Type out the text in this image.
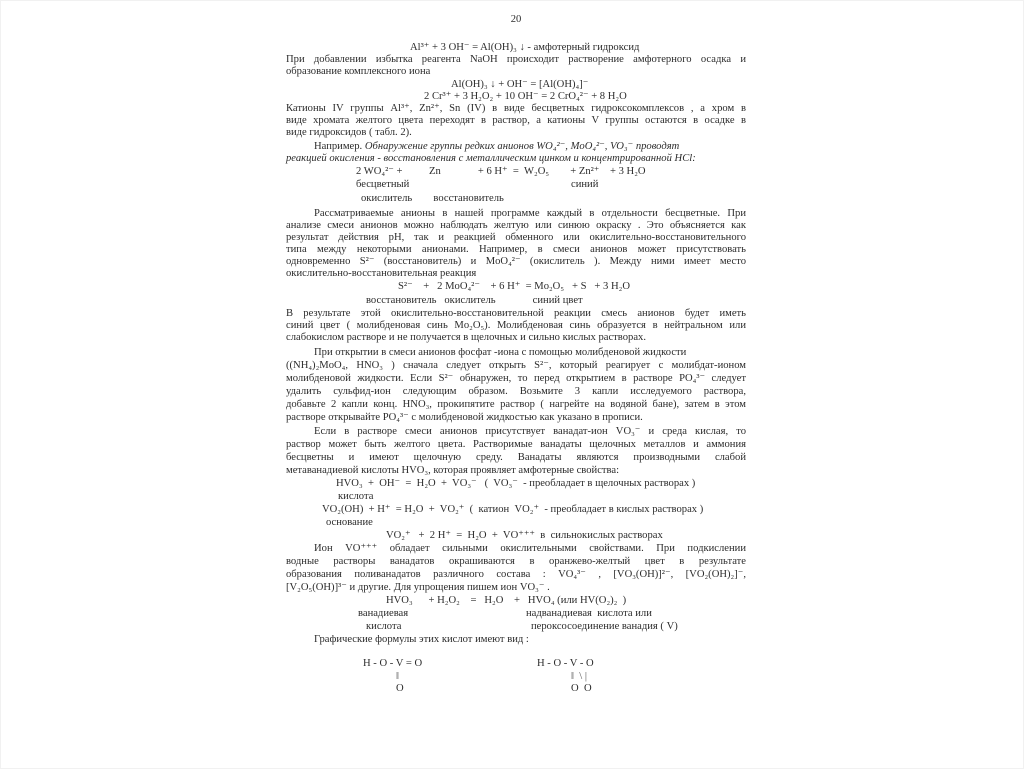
20
Al³⁺ + 3 OH⁻ = Al(OH)₃ ↓ - амфотерный гидроксид
При добавлении избытка реагента NaOH происходит растворение амфотерного осадка и
образование комплексного иона
Al(OH)₃ ↓ + OH⁻ = [Al(OH)₄]⁻
2 Cr³⁺ + 3 H₂O₂ + 10 OH⁻ = 2 CrO₄²⁻ + 8 H₂O
Катионы IV группы Al³⁺, Zn²⁺, Sn (IV) в виде бесцветных гидроксокомплексов , а хром в
виде хромата желтого цвета переходят в раствор, а катионы V группы остаются в осадке в
виде гидроксидов ( табл. 2).
Например. Обнаружение группы редких анионов WO₄²⁻, MoO₄²⁻, VO₃⁻ проводят
реакцией окисления - восстановления с металлическим цинком и концентрированной HCl:
2 WO₄²⁻ +          Zn              + 6 H⁺  =  W₂O₅        + Zn²⁺    + 3 H₂O
бесцветный	синий
окислитель        восстановитель
Рассматриваемые анионы в нашей программе каждый в отдельности бесцветные. При
анализе смеси анионов можно наблюдать желтую или синюю окраску . Это объясняется как
результат действия pH, так и реакцией обменного или окислительно-восстановительного
типа между некоторыми анионами. Например, в смеси анионов может присутствовать
одновременно S²⁻ (восстановитель) и MoO₄²⁻ (окислитель ). Между ними имеет место
окислительно-восстановительная реакция
S²⁻    +   2 MoO₄²⁻    + 6 H⁺  = Mo₂O₅   + S   + 3 H₂O
восстановитель   окислитель              синий цвет
В результате этой окислительно-восстановительной реакции смесь анионов будет иметь
синий цвет ( молибденовая синь Mo₂O₅). Молибденовая синь образуется в нейтральном или
слабокислом растворе и не получается в щелочных и сильно кислых растворах.
При открытии в смеси анионов фосфат -иона с помощью молибденовой жидкости
((NH₄)₂MoO₄, HNO₃ ) сначала следует открыть S²⁻, который реагирует с молибдат-ионом
молибденовой жидкости. Если S²⁻ обнаружен, то перед открытием в растворе PO₄³⁻ следует
удалить сульфид-ион следующим образом. Возьмите 3 капли исследуемого раствора,
добавьте 2 капли конц. HNO₃, прокипятите раствор ( нагрейте на водяной бане), затем в этом
растворе открывайте PO₄³⁻ с молибденовой жидкостью как указано в прописи.
Если в растворе смеси анионов присутствует ванадат-ион VO₃⁻ и среда кислая, то
раствор может быть желтого цвета. Растворимые ванадаты щелочных металлов и аммония
бесцветны и имеют щелочную среду. Ванадаты являются производными слабой
метаванадиевой кислоты HVO₃, которая проявляет амфотерные свойства:
HVO₃  +  OH⁻  =  H₂O  +  VO₃⁻   (  VO₃⁻  - преобладает в щелочных растворах )
кислота
VO₂(OH)  + H⁺  = H₂O  +  VO₂⁺  (  катион  VO₂⁺  - преобладает в кислых растворах )
основание
VO₂⁺   +  2 H⁺  =  H₂O  +  VO⁺⁺⁺  в  сильнокислых растворах
Ион VO⁺⁺⁺ обладает сильными окислительными свойствами. При подкислении
водные растворы ванадатов окрашиваются в оранжево-желтый цвет в результате
образования поливанадатов различного состава : VO₄³⁻ , [VO₃(OH)]²⁻, [VO₂(OH)₂]⁻,
[V₂O₅(OH)]³⁻ и другие. Для упрощения пишем ион VO₃⁻ .
HVO₃      + H₂O₂    =   H₂O    +   HVO₄ (или HV(O₂)₂  )
ванадиевая	надванадиевая  кислота или
кислота	пероксосоединение ванадия ( V)
Графические формулы этих кислот имеют вид :
H - O - V = O
‖
O
H - O - V - O
‖  \ |
O  O
